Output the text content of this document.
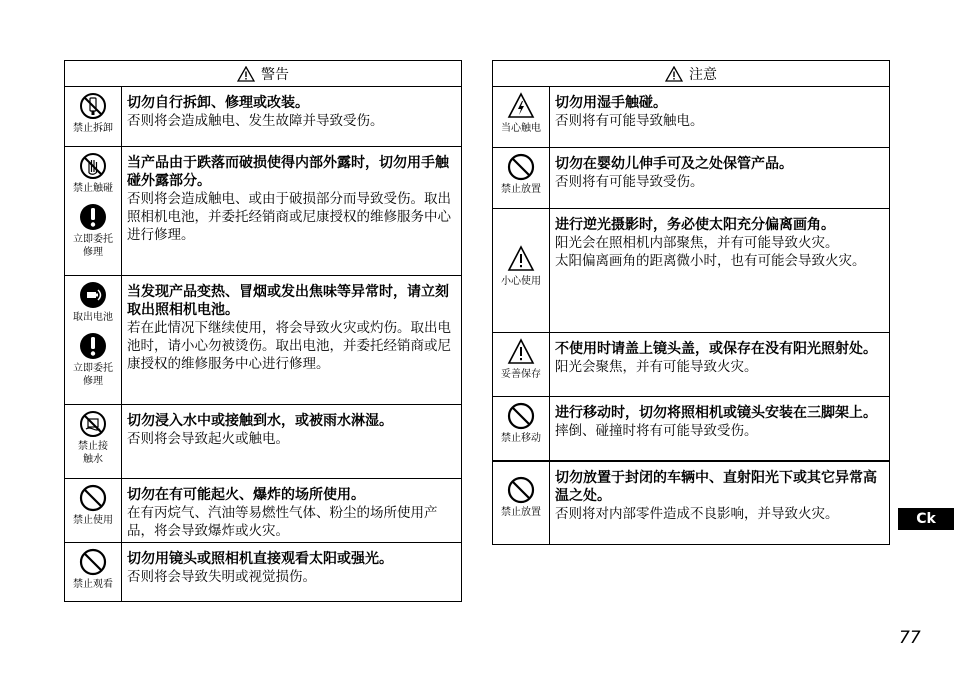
警告
禁止拆卸
切勿自行拆卸、修理或改装。
否则将会造成触电、发生故障并导致受伤。
禁止触碰
立即委托
修理
当产品由于跌落而破损使得内部外露时，切勿用手触碰外露部分。
否则将会造成触电、或由于破损部分而导致受伤。取出照相机电池，并委托经销商或尼康授权的维修服务中心进行修理。
取出电池
立即委托
修理
当发现产品变热、冒烟或发出焦味等异常时，请立刻取出照相机电池。
若在此情况下继续使用，将会导致火灾或灼伤。取出电池时，请小心勿被烫伤。取出电池，并委托经销商或尼康授权的维修服务中心进行修理。
禁止接
触水
切勿浸入水中或接触到水，或被雨水淋湿。
否则将会导致起火或触电。
禁止使用
切勿在有可能起火、爆炸的场所使用。
在有丙烷气、汽油等易燃性气体、粉尘的场所使用产品，将会导致爆炸或火灾。
禁止观看
切勿用镜头或照相机直接观看太阳或强光。
否则将会导致失明或视觉损伤。
注意
当心触电
切勿用湿手触碰。
否则将有可能导致触电。
禁止放置
切勿在婴幼儿伸手可及之处保管产品。
否则将有可能导致受伤。
小心使用
进行逆光摄影时，务必使太阳充分偏离画角。
阳光会在照相机内部聚焦，并有可能导致火灾。
太阳偏离画角的距离微小时，也有可能会导致火灾。
妥善保存
不使用时请盖上镜头盖，或保存在没有阳光照射处。
阳光会聚焦，并有可能导致火灾。
禁止移动
进行移动时，切勿将照相机或镜头安装在三脚架上。
摔倒、碰撞时将有可能导致受伤。
禁止放置
切勿放置于封闭的车辆中、直射阳光下或其它异常高温之处。
否则将对内部零件造成不良影响，并导致火灾。	Ck
77
